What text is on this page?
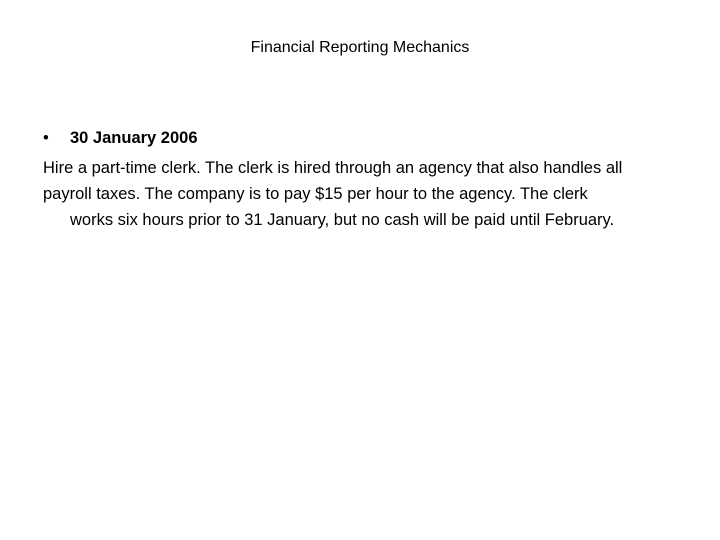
Financial Reporting Mechanics
• 30 January 2006
Hire a part-time clerk. The clerk is hired through an agency that also handles all
payroll taxes. The company is to pay $15 per hour to the agency. The clerk
works six hours prior to 31 January, but no cash will be paid until February.
